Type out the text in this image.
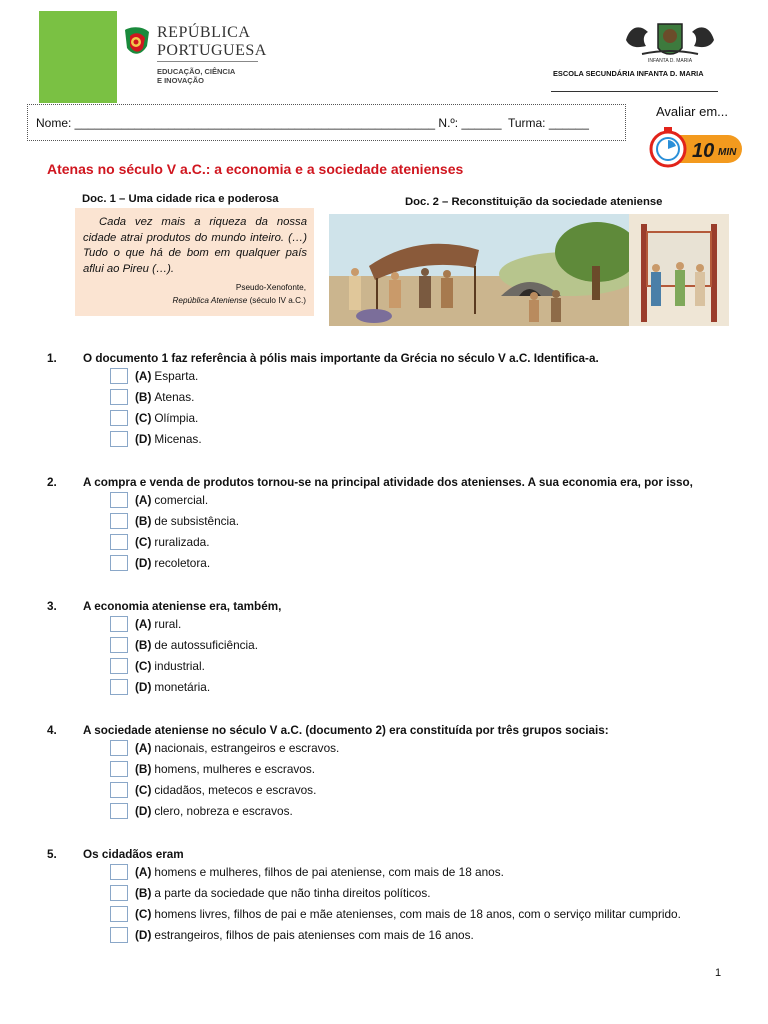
REPÚBLICA
PORTUGUESA
EDUCAÇÃO, CIÊNCIA
E INOVAÇÃO
INFANTA D. MARIA
ESCOLA SECUNDÁRIA INFANTA D. MARIA
Nome: ______________________________________________________ N.º: ______  Turma: ______
Avaliar em...
10 MIN
Atenas no século V a.C.: a economia e a sociedade atenienses
Doc. 1 – Uma cidade rica e poderosa
Cada vez mais a riqueza da nossa cidade atrai produtos do mundo inteiro. (…) Tudo o que há de bom em qualquer país aflui ao Pireu (…).
Pseudo-Xenofonte,
República Ateniense (século IV a.C.)
Doc. 2 – Reconstituição da sociedade ateniense
1. O documento 1 faz referência à pólis mais importante da Grécia no século V a.C. Identifica-a.
(A) Esparta.
(B) Atenas.
(C) Olímpia.
(D) Micenas.
2. A compra e venda de produtos tornou-se na principal atividade dos atenienses. A sua economia era, por isso,
(A) comercial.
(B) de subsistência.
(C) ruralizada.
(D) recoletora.
3. A economia ateniense era, também,
(A) rural.
(B) de autossuficiência.
(C) industrial.
(D) monetária.
4. A sociedade ateniense no século V a.C. (documento 2) era constituída por três grupos sociais:
(A) nacionais, estrangeiros e escravos.
(B) homens, mulheres e escravos.
(C) cidadãos, metecos e escravos.
(D) clero, nobreza e escravos.
5. Os cidadãos eram
(A) homens e mulheres, filhos de pai ateniense, com mais de 18 anos.
(B) a parte da sociedade que não tinha direitos políticos.
(C) homens livres, filhos de pai e mãe atenienses, com mais de 18 anos, com o serviço militar cumprido.
(D) estrangeiros, filhos de pais atenienses com mais de 16 anos.
1
